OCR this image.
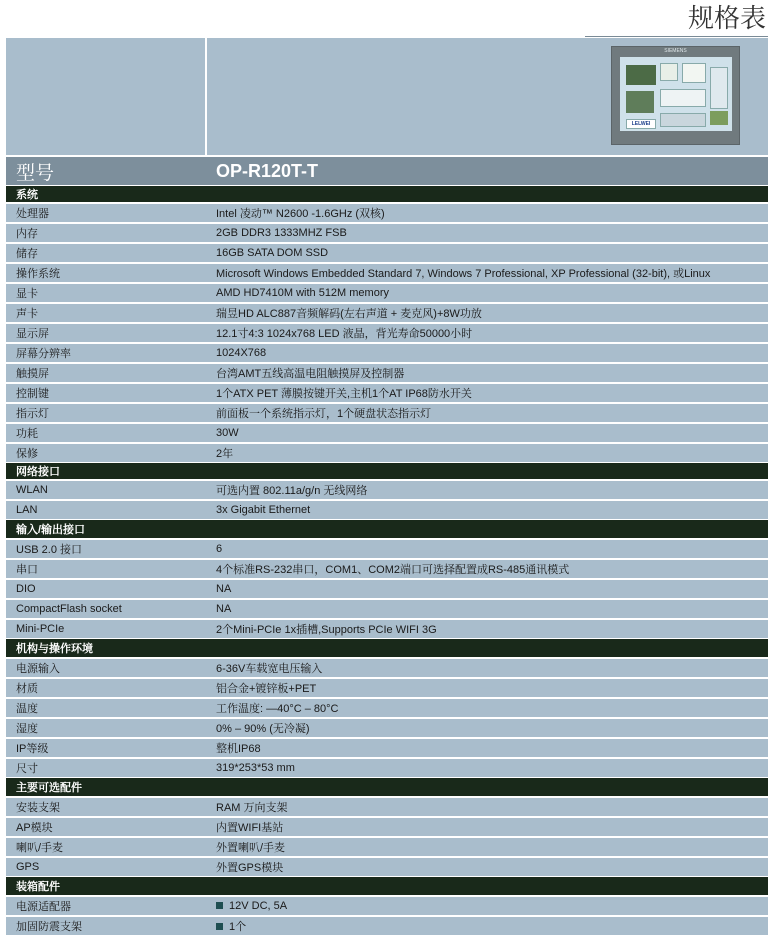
规格表

	SIEMENS
LELWEI

型号	OP-R120T-T
系统	
处理器	Intel 凌动™ N2600 -1.6GHz (双核)
内存	2GB DDR3 1333MHZ FSB
储存	16GB SATA DOM SSD
操作系统	Microsoft Windows Embedded Standard 7, Windows 7 Professional, XP Professional (32-bit), 或Linux
显卡	AMD HD7410M with 512M memory
声卡	瑞昱HD ALC887音频解码(左右声道 + 麦克风)+8W功放
显示屏	12.1寸4:3 1024x768 LED 液晶，背光寿命50000小时
屏幕分辨率	1024X768
触摸屏	台湾AMT五线高温电阻触摸屏及控制器
控制键	1个ATX PET 薄膜按键开关,主机1个AT IP68防水开关
指示灯	前面板一个系统指示灯，1个硬盘状态指示灯
功耗	30W
保修	2年
网络接口	
WLAN	可选内置 802.11a/g/n 无线网络
LAN	3x Gigabit Ethernet
输入/输出接口	
USB 2.0 接口	6
串口	4个标准RS-232串口，COM1、COM2端口可选择配置成RS-485通讯模式
DIO	NA
CompactFlash socket	NA
Mini-PCIe	2个Mini-PCIe 1x插槽,Supports PCIe WIFI 3G
机构与操作环境	
电源输入	6-36V车载宽电压输入
材质	铝合金+镀锌板+PET
温度	工作温度: —40°C – 80°C
湿度	0% – 90% (无冷凝)
IP等级	整机IP68
尺寸	319*253*53 mm
主要可选配件	
安装支架	RAM 万向支架
AP模块	内置WIFI基站
喇叭/手麦	外置喇叭/手麦
GPS	外置GPS模块
装箱配件	
电源适配器	12V DC, 5A
加固防震支架	1个
